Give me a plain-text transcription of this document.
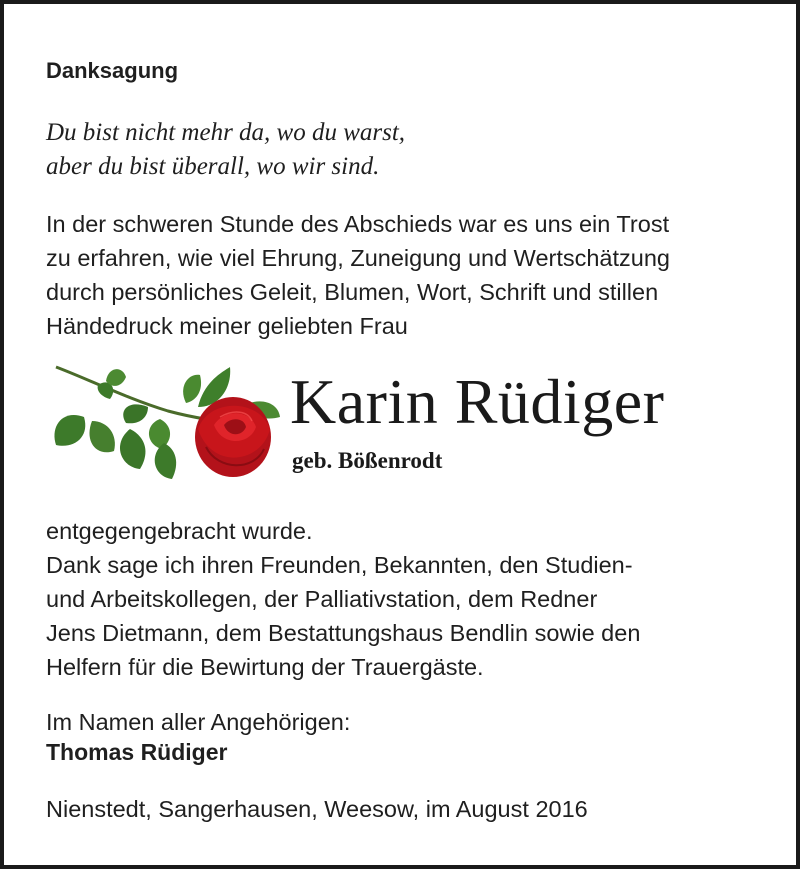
Danksagung

Du bist nicht mehr da, wo du warst,
aber du bist überall, wo wir sind.

In der schweren Stunde des Abschieds war es uns ein Trost
zu erfahren, wie viel Ehrung, Zuneigung und Wertschätzung
durch persönliches Geleit, Blumen, Wort, Schrift und stillen
Händedruck meiner geliebten Frau

Karin Rüdiger

geb. Bößenrodt

entgegengebracht wurde.
Dank sage ich ihren Freunden, Bekannten, den Studien-
und Arbeitskollegen, der Palliativstation, dem Redner
Jens Dietmann, dem Bestattungshaus Bendlin sowie den
Helfern für die Bewirtung der Trauergäste.

Im Namen aller Angehörigen:

Thomas Rüdiger

Nienstedt, Sangerhausen, Weesow, im August 2016
